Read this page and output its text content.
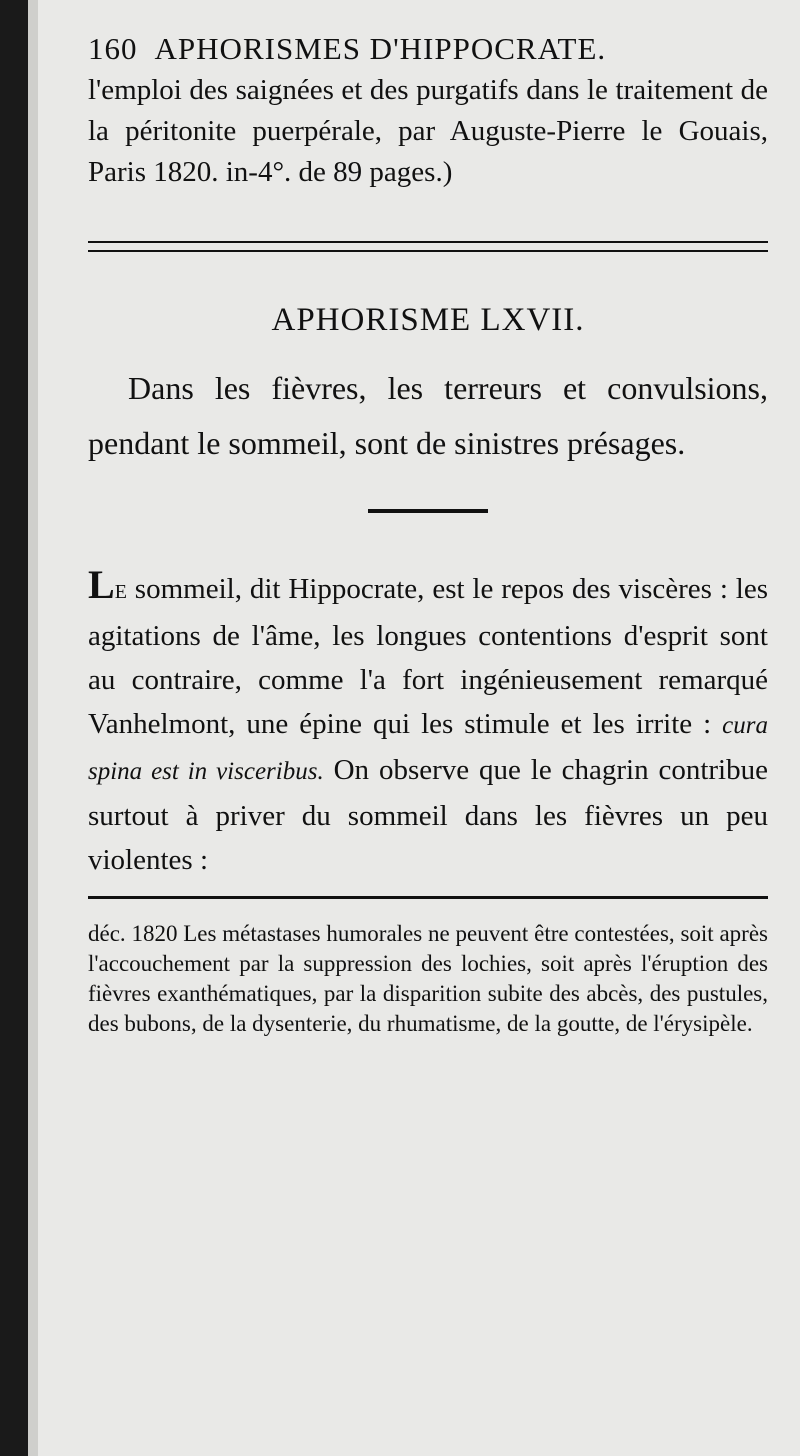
160 APHORISMES D'HIPPOCRATE.
l'emploi des saignées et des purgatifs dans le traitement de la péritonite puerpérale, par Auguste-Pierre le Gouais, Paris 1820. in-4°. de 89 pages.)
APHORISME LXVII.
Dans les fièvres, les terreurs et convulsions, pendant le sommeil, sont de sinistres présages.
LE sommeil, dit Hippocrate, est le repos des viscères : les agitations de l'âme, les longues contentions d'esprit sont au contraire, comme l'a fort ingénieusement remarqué Vanhelmont, une épine qui les stimule et les irrite : cura spina est in visceribus. On observe que le chagrin contribue surtout à priver du sommeil dans les fièvres un peu violentes :
déc. 1820 Les métastases humorales ne peuvent être contestées, soit après l'accouchement par la suppression des lochies, soit après l'éruption des fièvres exanthématiques, par la disparition subite des abcès, des pustules, des bubons, de la dysenterie, du rhumatisme, de la goutte, de l'érysipèle.
